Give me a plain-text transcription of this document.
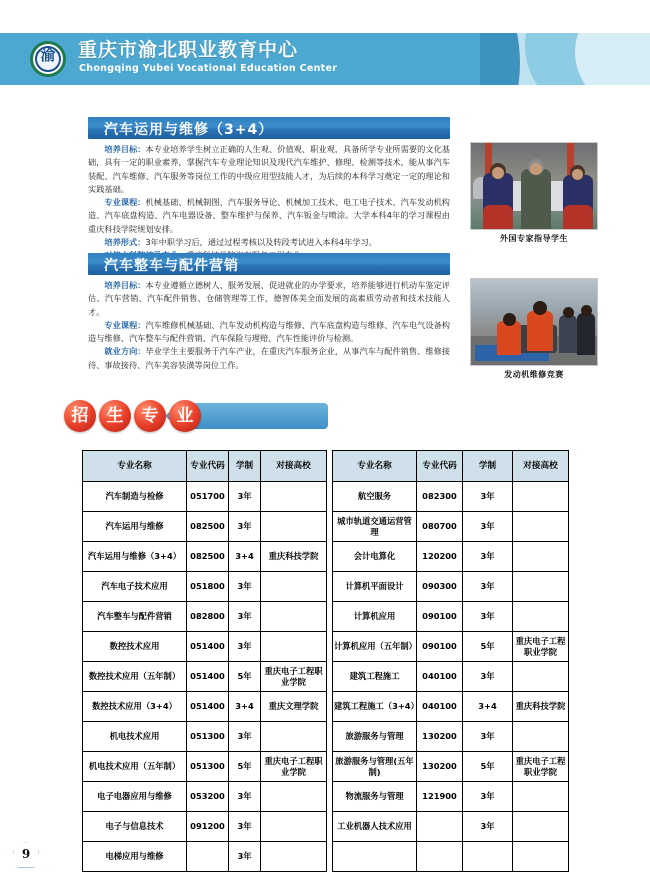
渝	重庆市渝北职业教育中心
Chongqing Yubei Vocational Education Center
汽车运用与维修（3+4）

培养目标：本专业培养学生树立正确的人生观、价值观、职业观，具备所学专业所需要的文化基础，具有一定的职业素养，掌握汽车专业理论知识及现代汽车维护、修理、检测等技术，能从事汽车装配、汽车维修、汽车服务等岗位工作的中级应用型技能人才，为后续的本科学习奠定一定的理论和实践基础。

专业课程：机械基础、机械制图、汽车服务导论、机械加工技术、电工电子技术、汽车发动机构造、汽车底盘构造、汽车电器设备、整车维护与保养、汽车钣金与喷涂。大学本科4年的学习课程由重庆科技学院规划安排。

培养形式：3年中职学习后，通过过程考核以及转段考试进入本科4年学习。	外国专家指导学生
汽车整车与配件营销

培养目标：本专业遵循立德树人、服务发展、促进就业的办学要求，培养能够进行机动车鉴定评估、汽车营销、汽车配件销售、仓储管理等工作，德智体美全面发展的高素质劳动者和技术技能人才。

专业课程：汽车维修机械基础、汽车发动机构造与维修、汽车底盘构造与维修、汽车电气设备构造与维修、汽车整车与配件营销、汽车保险与理赔、汽车性能评价与检测。

就业方向：毕业学生主要服务于汽车产业，在重庆汽车服务企业，从事汽车与配件销售、维修接待、事故接待、汽车美容装潢等岗位工作。

发动机维修竞赛
招	生	专	业
专业名称	专业代码	学制	对接高校		专业名称	专业代码	学制	对接高校
汽车制造与检修	051700	3年			航空服务	082300	3年	
汽车运用与维修	082500	3年			城市轨道交通运营管理	080700	3年	
汽车运用与维修（3+4）	082500	3+4	重庆科技学院		会计电算化	120200	3年	
汽车电子技术应用	051800	3年			计算机平面设计	090300	3年	
汽车整车与配件营销	082800	3年			计算机应用	090100	3年	
数控技术应用	051400	3年			计算机应用（五年制）	090100	5年	重庆电子工程职业学院
数控技术应用（五年制）	051400	5年	重庆电子工程职业学院		建筑工程施工	040100	3年	
数控技术应用（3+4）	051400	3+4	重庆文理学院		建筑工程施工（3+4）	040100	3+4	重庆科技学院
机电技术应用	051300	3年			旅游服务与管理	130200	3年	
机电技术应用（五年制）	051300	5年	重庆电子工程职业学院		旅游服务与管理(五年制)	130200	5年	重庆电子工程职业学院
电子电器应用与维修	053200	3年			物流服务与管理	121900	3年	
电子与信息技术	091200	3年			工业机器人技术应用		3年	
电梯应用与维修		3年						
9
